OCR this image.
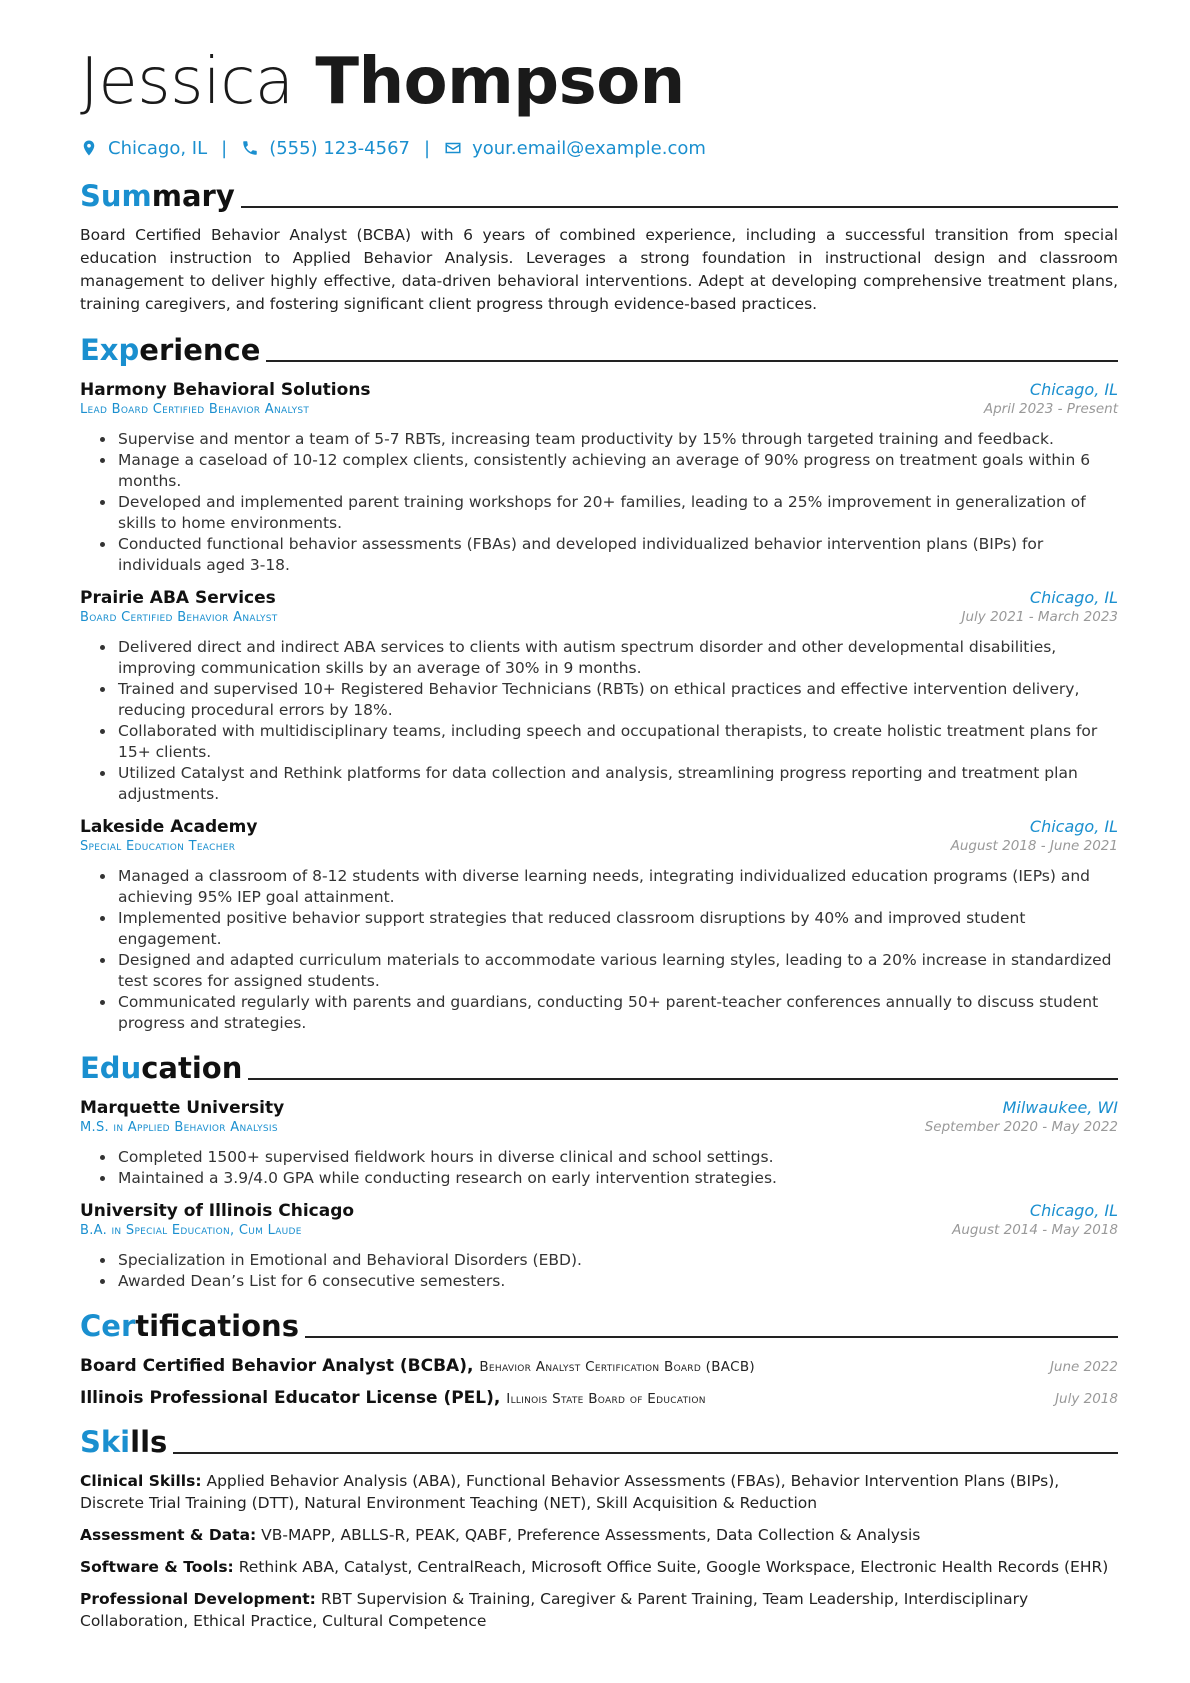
Jessica Thompson
Chicago, IL | (555) 123-4567 | your.email@example.com
Summary
Board Certified Behavior Analyst (BCBA) with 6 years of combined experience, including a successful transition from special education instruction to Applied Behavior Analysis. Leverages a strong foundation in instructional design and classroom management to deliver highly effective, data-driven behavioral interventions. Adept at developing comprehensive treatment plans, training caregivers, and fostering significant client progress through evidence-based practices.
Experience
Harmony Behavioral Solutions	Chicago, IL
Lead Board Certified Behavior Analyst	April 2023 - Present
• Supervise and mentor a team of 5-7 RBTs, increasing team productivity by 15% through targeted training and feedback.
• Manage a caseload of 10-12 complex clients, consistently achieving an average of 90% progress on treatment goals within 6 months.
• Developed and implemented parent training workshops for 20+ families, leading to a 25% improvement in generalization of skills to home environments.
• Conducted functional behavior assessments (FBAs) and developed individualized behavior intervention plans (BIPs) for individuals aged 3-18.
Prairie ABA Services	Chicago, IL
Board Certified Behavior Analyst	July 2021 - March 2023
• Delivered direct and indirect ABA services to clients with autism spectrum disorder and other developmental disabilities, improving communication skills by an average of 30% in 9 months.
• Trained and supervised 10+ Registered Behavior Technicians (RBTs) on ethical practices and effective intervention delivery, reducing procedural errors by 18%.
• Collaborated with multidisciplinary teams, including speech and occupational therapists, to create holistic treatment plans for 15+ clients.
• Utilized Catalyst and Rethink platforms for data collection and analysis, streamlining progress reporting and treatment plan adjustments.
Lakeside Academy	Chicago, IL
Special Education Teacher	August 2018 - June 2021
• Managed a classroom of 8-12 students with diverse learning needs, integrating individualized education programs (IEPs) and achieving 95% IEP goal attainment.
• Implemented positive behavior support strategies that reduced classroom disruptions by 40% and improved student engagement.
• Designed and adapted curriculum materials to accommodate various learning styles, leading to a 20% increase in standardized test scores for assigned students.
• Communicated regularly with parents and guardians, conducting 50+ parent-teacher conferences annually to discuss student progress and strategies.
Education
Marquette University	Milwaukee, WI
M.S. in Applied Behavior Analysis	September 2020 - May 2022
• Completed 1500+ supervised fieldwork hours in diverse clinical and school settings.
• Maintained a 3.9/4.0 GPA while conducting research on early intervention strategies.
University of Illinois Chicago	Chicago, IL
B.A. in Special Education, Cum Laude	August 2014 - May 2018
• Specialization in Emotional and Behavioral Disorders (EBD).
• Awarded Dean’s List for 6 consecutive semesters.
Certifications
Board Certified Behavior Analyst (BCBA), Behavior Analyst Certification Board (BACB)	June 2022
Illinois Professional Educator License (PEL), Illinois State Board of Education	July 2018
Skills
Clinical Skills: Applied Behavior Analysis (ABA), Functional Behavior Assessments (FBAs), Behavior Intervention Plans (BIPs), Discrete Trial Training (DTT), Natural Environment Teaching (NET), Skill Acquisition & Reduction
Assessment & Data: VB-MAPP, ABLLS-R, PEAK, QABF, Preference Assessments, Data Collection & Analysis
Software & Tools: Rethink ABA, Catalyst, CentralReach, Microsoft Office Suite, Google Workspace, Electronic Health Records (EHR)
Professional Development: RBT Supervision & Training, Caregiver & Parent Training, Team Leadership, Interdisciplinary Collaboration, Ethical Practice, Cultural Competence
